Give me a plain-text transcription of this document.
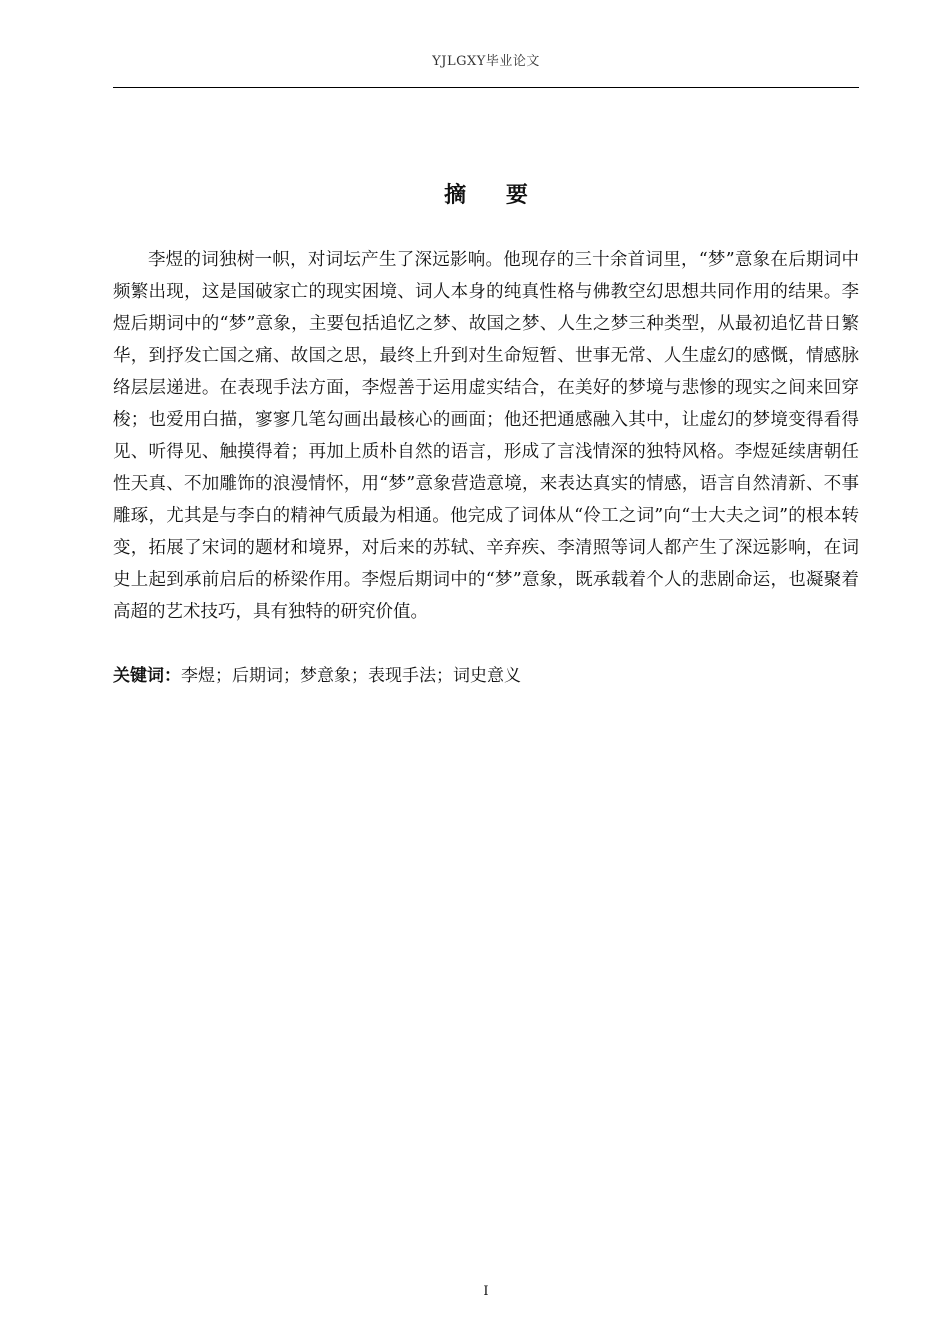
YJLGXY毕业论文
摘 要

李煜的词独树一帜，对词坛产生了深远影响。他现存的三十余首词里，“梦”意象在后期词中频繁出现，这是国破家亡的现实困境、词人本身的纯真性格与佛教空幻思想共同作用的结果。李煜后期词中的“梦”意象，主要包括追忆之梦、故国之梦、人生之梦三种类型，从最初追忆昔日繁华，到抒发亡国之痛、故国之思，最终上升到对生命短暂、世事无常、人生虚幻的感慨，情感脉络层层递进。在表现手法方面，李煜善于运用虚实结合，在美好的梦境与悲惨的现实之间来回穿梭；也爱用白描，寥寥几笔勾画出最核心的画面；他还把通感融入其中，让虚幻的梦境变得看得见、听得见、触摸得着；再加上质朴自然的语言，形成了言浅情深的独特风格。李煜延续唐朝任性天真、不加雕饰的浪漫情怀，用“梦”意象营造意境，来表达真实的情感，语言自然清新、不事雕琢，尤其是与李白的精神气质最为相通。他完成了词体从“伶工之词”向“士大夫之词”的根本转变，拓展了宋词的题材和境界，对后来的苏轼、辛弃疾、李清照等词人都产生了深远影响，在词史上起到承前启后的桥梁作用。李煜后期词中的“梦”意象，既承载着个人的悲剧命运，也凝聚着高超的艺术技巧，具有独特的研究价值。

关键词：李煜；后期词；梦意象；表现手法；词史意义
I
